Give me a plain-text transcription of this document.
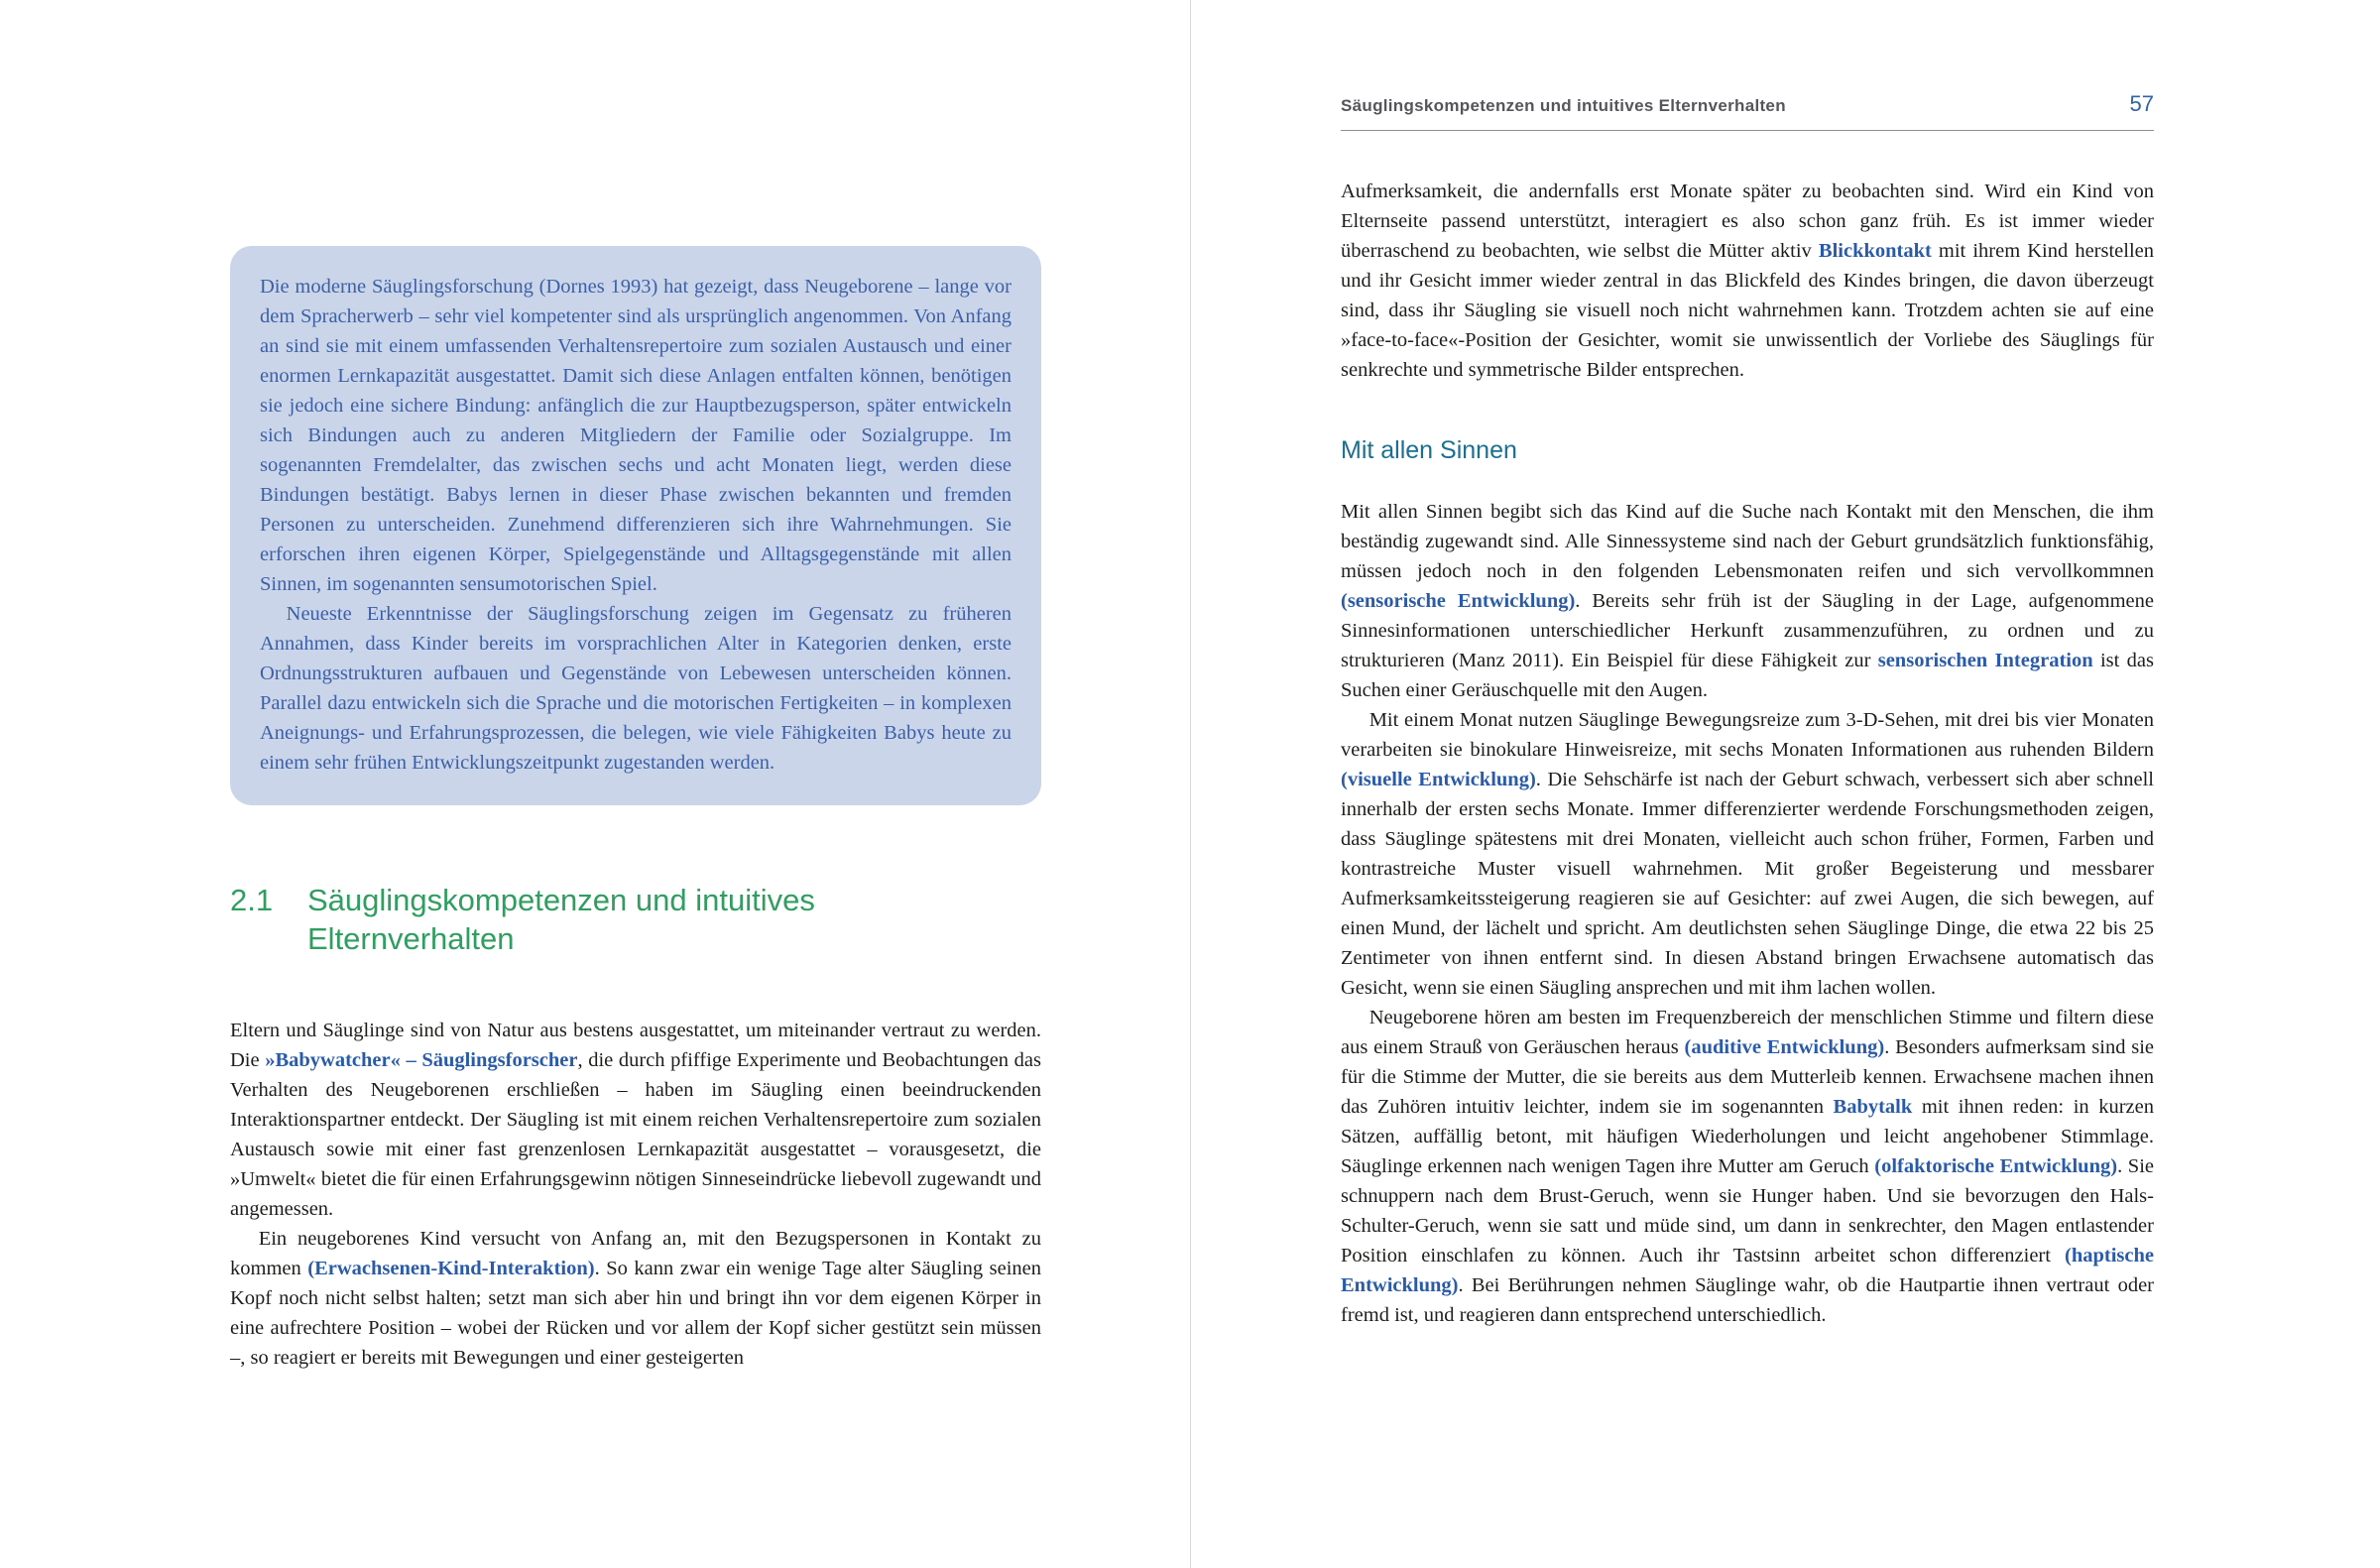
Die moderne Säuglingsforschung (Dornes 1993) hat gezeigt, dass Neugeborene – lange vor dem Spracherwerb – sehr viel kompetenter sind als ursprünglich angenommen. Von Anfang an sind sie mit einem umfassenden Verhaltensrepertoire zum sozialen Austausch und einer enormen Lernkapazität ausgestattet. Damit sich diese Anlagen entfalten können, benötigen sie jedoch eine sichere Bindung: anfänglich die zur Hauptbezugsperson, später entwickeln sich Bindungen auch zu anderen Mitgliedern der Familie oder Sozialgruppe. Im sogenannten Fremdelalter, das zwischen sechs und acht Monaten liegt, werden diese Bindungen bestätigt. Babys lernen in dieser Phase zwischen bekannten und fremden Personen zu unterscheiden. Zunehmend differenzieren sich ihre Wahrnehmungen. Sie erforschen ihren eigenen Körper, Spielgegenstände und Alltagsgegenstände mit allen Sinnen, im sogenannten sensumotorischen Spiel.

Neueste Erkenntnisse der Säuglingsforschung zeigen im Gegensatz zu früheren Annahmen, dass Kinder bereits im vorsprachlichen Alter in Kategorien denken, erste Ordnungsstrukturen aufbauen und Gegenstände von Lebewesen unterscheiden können. Parallel dazu entwickeln sich die Sprache und die motorischen Fertigkeiten – in komplexen Aneignungs- und Erfahrungsprozessen, die belegen, wie viele Fähigkeiten Babys heute zu einem sehr frühen Entwicklungszeitpunkt zugestanden werden.

2.1	Säuglingskompetenzen und intuitives Elternverhalten

Eltern und Säuglinge sind von Natur aus bestens ausgestattet, um miteinander vertraut zu werden. Die »Babywatcher« – Säuglingsforscher, die durch pfiffige Experimente und Beobachtungen das Verhalten des Neugeborenen erschließen – haben im Säugling einen beeindruckenden Interaktionspartner entdeckt. Der Säugling ist mit einem reichen Verhaltensrepertoire zum sozialen Austausch sowie mit einer fast grenzenlosen Lernkapazität ausgestattet – vorausgesetzt, die »Umwelt« bietet die für einen Erfahrungsgewinn nötigen Sinneseindrücke liebevoll zugewandt und angemessen.

Ein neugeborenes Kind versucht von Anfang an, mit den Bezugspersonen in Kontakt zu kommen (Erwachsenen-Kind-Interaktion). So kann zwar ein wenige Tage alter Säugling seinen Kopf noch nicht selbst halten; setzt man sich aber hin und bringt ihn vor dem eigenen Körper in eine aufrechtere Position – wobei der Rücken und vor allem der Kopf sicher gestützt sein müssen –, so reagiert er bereits mit Bewegungen und einer gesteigerten

Säuglingskompetenzen und intuitives Elternverhalten	57

Aufmerksamkeit, die andernfalls erst Monate später zu beobachten sind. Wird ein Kind von Elternseite passend unterstützt, interagiert es also schon ganz früh. Es ist immer wieder überraschend zu beobachten, wie selbst die Mütter aktiv Blickkontakt mit ihrem Kind herstellen und ihr Gesicht immer wieder zentral in das Blickfeld des Kindes bringen, die davon überzeugt sind, dass ihr Säugling sie visuell noch nicht wahrnehmen kann. Trotzdem achten sie auf eine »face-to-face«-Position der Gesichter, womit sie unwissentlich der Vorliebe des Säuglings für senkrechte und symmetrische Bilder entsprechen.

Mit allen Sinnen

Mit allen Sinnen begibt sich das Kind auf die Suche nach Kontakt mit den Menschen, die ihm beständig zugewandt sind. Alle Sinnessysteme sind nach der Geburt grundsätzlich funktionsfähig, müssen jedoch noch in den folgenden Lebensmonaten reifen und sich vervollkommnen (sensorische Entwicklung). Bereits sehr früh ist der Säugling in der Lage, aufgenommene Sinnesinformationen unterschiedlicher Herkunft zusammenzuführen, zu ordnen und zu strukturieren (Manz 2011). Ein Beispiel für diese Fähigkeit zur sensorischen Integration ist das Suchen einer Geräuschquelle mit den Augen.

Mit einem Monat nutzen Säuglinge Bewegungsreize zum 3-D-Sehen, mit drei bis vier Monaten verarbeiten sie binokulare Hinweisreize, mit sechs Monaten Informationen aus ruhenden Bildern (visuelle Entwicklung). Die Sehschärfe ist nach der Geburt schwach, verbessert sich aber schnell innerhalb der ersten sechs Monate. Immer differenzierter werdende Forschungsmethoden zeigen, dass Säuglinge spätestens mit drei Monaten, vielleicht auch schon früher, Formen, Farben und kontrastreiche Muster visuell wahrnehmen. Mit großer Begeisterung und messbarer Aufmerksamkeitssteigerung reagieren sie auf Gesichter: auf zwei Augen, die sich bewegen, auf einen Mund, der lächelt und spricht. Am deutlichsten sehen Säuglinge Dinge, die etwa 22 bis 25 Zentimeter von ihnen entfernt sind. In diesen Abstand bringen Erwachsene automatisch das Gesicht, wenn sie einen Säugling ansprechen und mit ihm lachen wollen.

Neugeborene hören am besten im Frequenzbereich der menschlichen Stimme und filtern diese aus einem Strauß von Geräuschen heraus (auditive Entwicklung). Besonders aufmerksam sind sie für die Stimme der Mutter, die sie bereits aus dem Mutterleib kennen. Erwachsene machen ihnen das Zuhören intuitiv leichter, indem sie im sogenannten Babytalk mit ihnen reden: in kurzen Sätzen, auffällig betont, mit häufigen Wiederholungen und leicht angehobener Stimmlage. Säuglinge erkennen nach wenigen Tagen ihre Mutter am Geruch (olfaktorische Entwicklung). Sie schnuppern nach dem Brust-Geruch, wenn sie Hunger haben. Und sie bevorzugen den Hals-Schulter-Geruch, wenn sie satt und müde sind, um dann in senkrechter, den Magen entlastender Position einschlafen zu können. Auch ihr Tastsinn arbeitet schon differenziert (haptische Entwicklung). Bei Berührungen nehmen Säuglinge wahr, ob die Hautpartie ihnen vertraut oder fremd ist, und reagieren dann entsprechend unterschiedlich.
